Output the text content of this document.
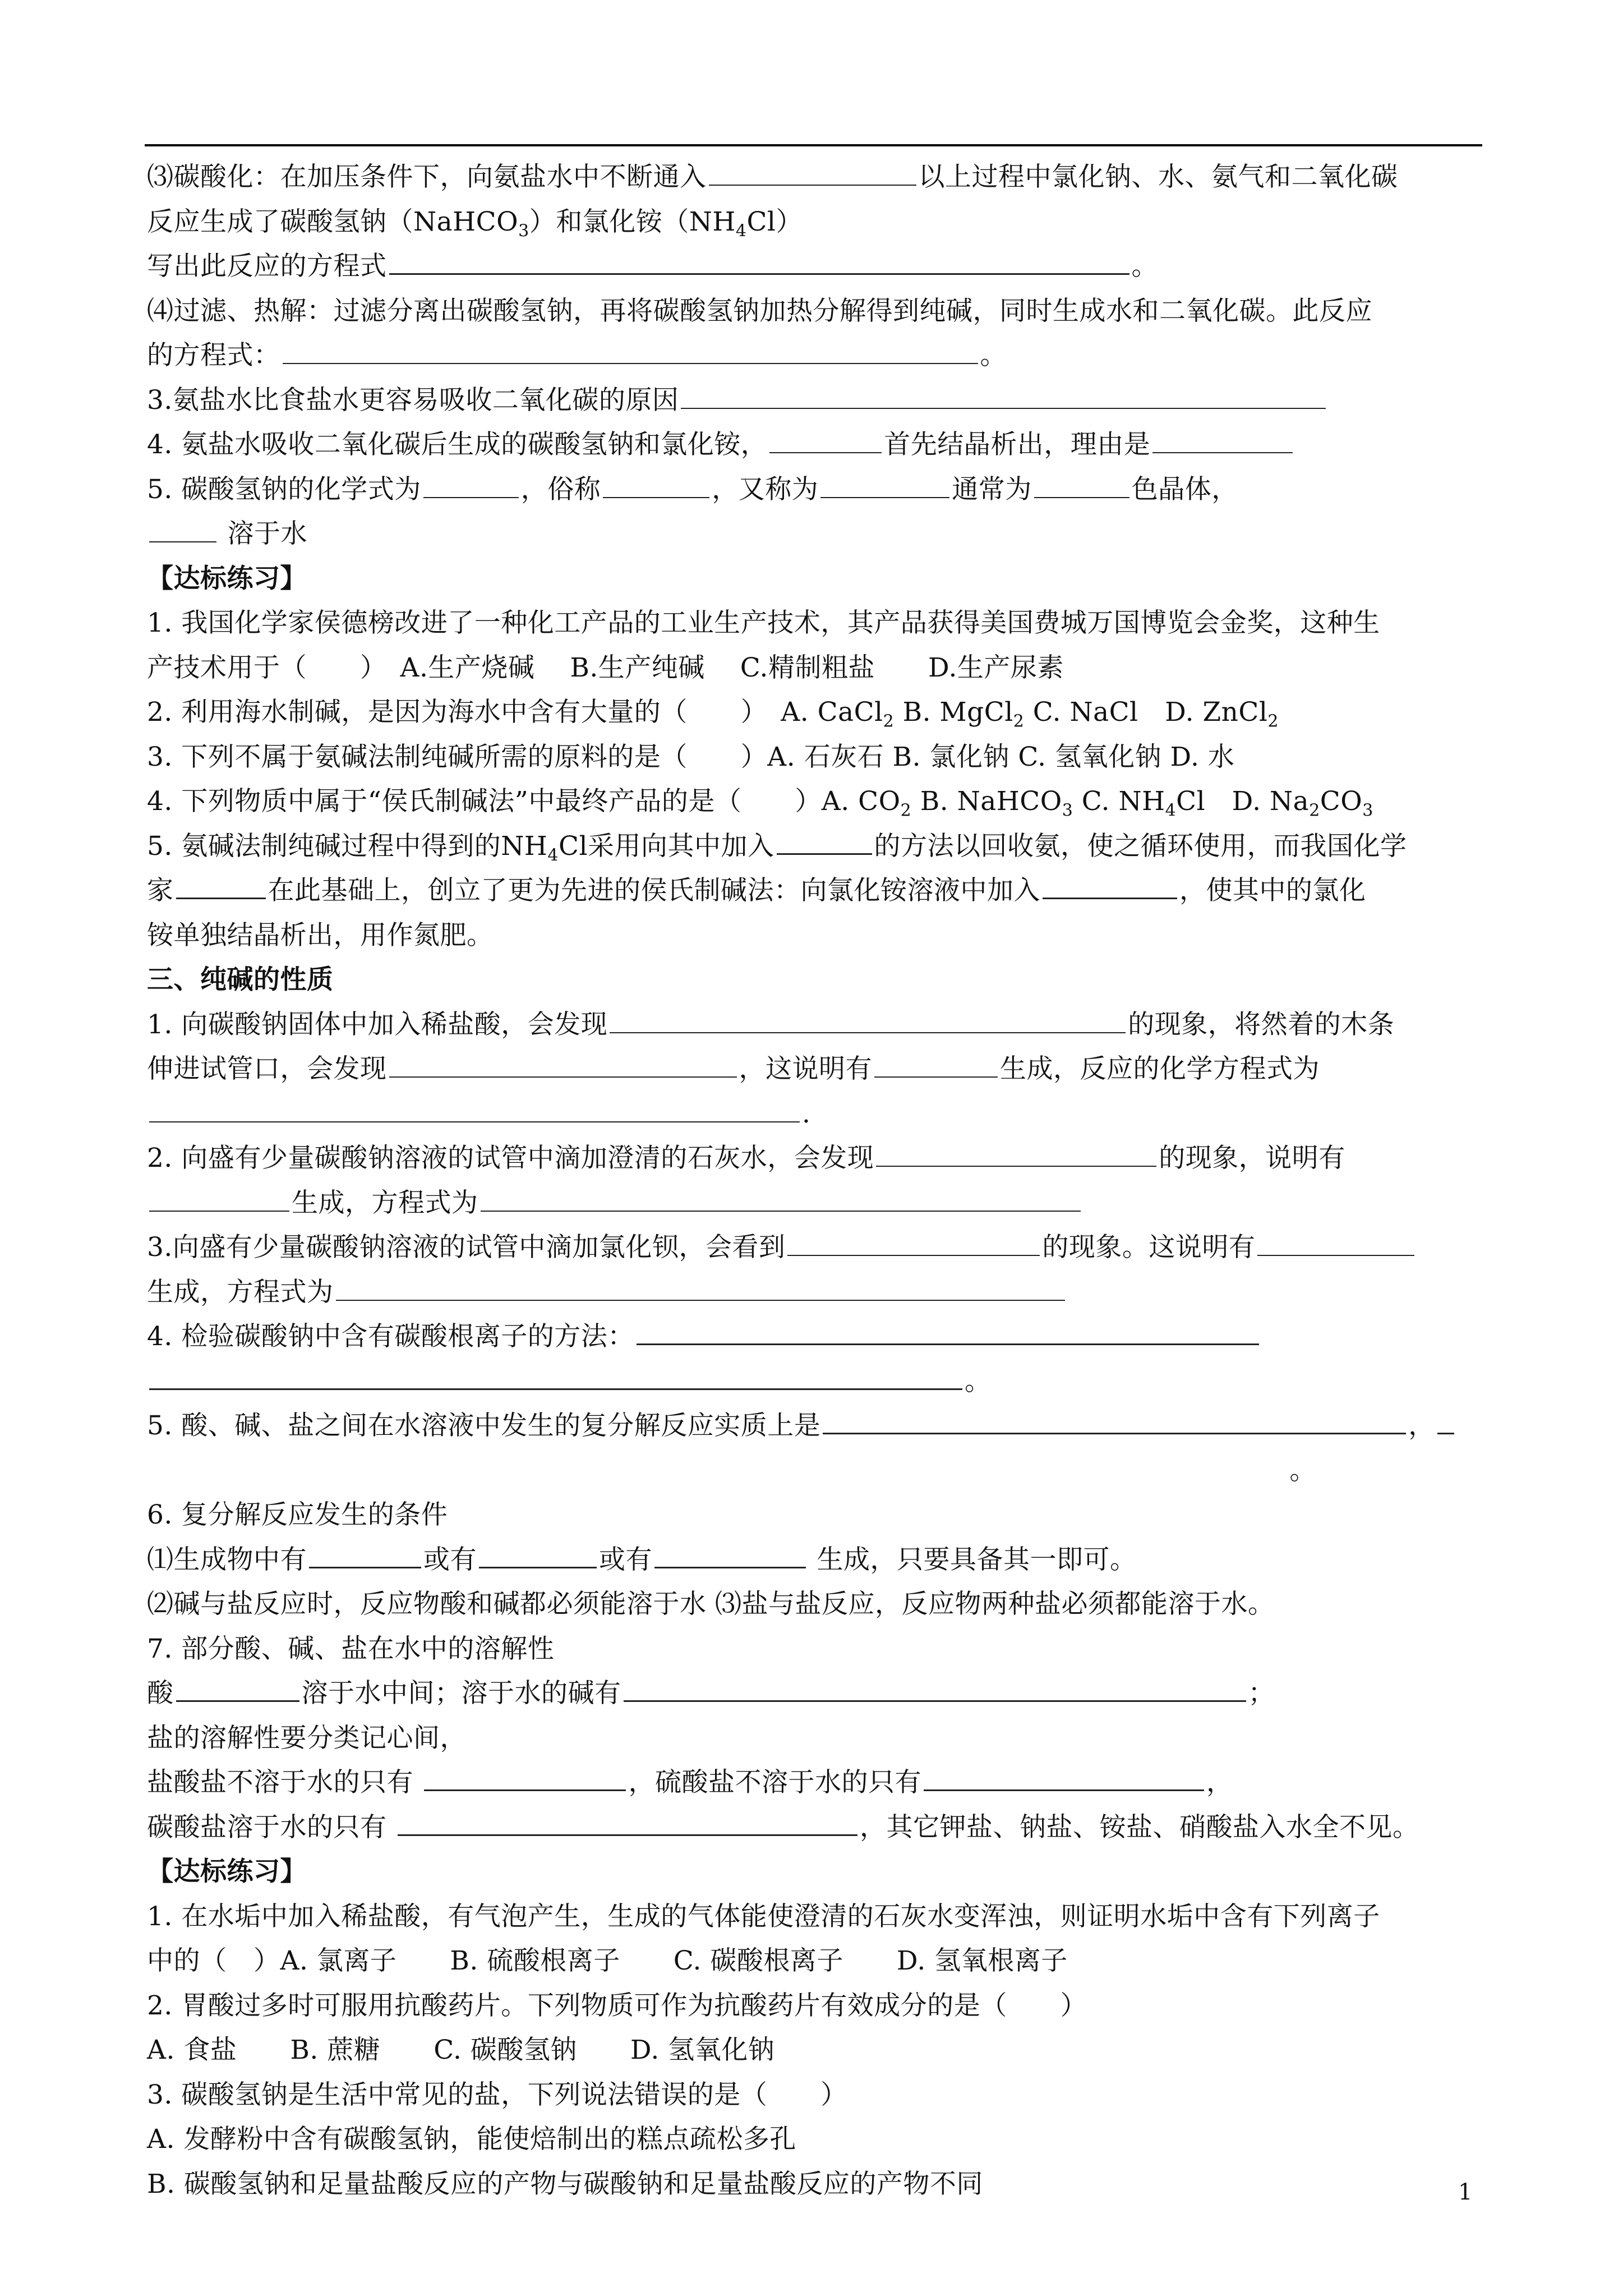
⑶碳酸化：在加压条件下，向氨盐水中不断通入	以上过程中氯化钠、水、氨气和二氧化碳
反应生成了碳酸氢钠（NaHCO$_3$）和氯化铵$(NH_4Cl)$
写出此反应的方程式	。
⑷过滤、热解：过滤分离出碳酸氢钠，再将碳酸氢钠加热分解得到纯碱，同时生成水和二氧化碳。此反应
的方程式：	。
3.氨盐水比食盐水更容易吸收二氧化碳的原因
4. 氨盐水吸收二氧化碳后生成的碳酸氢钠和氯化铵，	首先结晶析出，理由是
5. 碳酸氢钠的化学式为	，俗称	，又称为	通常为	色晶体，
溶于水
【达标练习】
1. 我国化学家侯德榜改进了一种化工产品的工业生产技术，其产品获得美国费城万国博览会金奖，这种生
产技术用于（　　）　A.生产烧碱　 B.生产纯碱　 C.精制粗盐　　D.生产尿素
2. 利用海水制碱，是因为海水中含有大量的（　　）　A. CaCl$_2$ B. MgCl$_2$ C. NaCl　D. ZnCl$_2$
3. 下列不属于氨碱法制纯碱所需的原料的是（　　）A. 石灰石 B. 氯化钠 C. 氢氧化钠 D. 水
4. 下列物质中属于“侯氏制碱法”中最终产品的是（　　）A. $CO_2$ B. NaHCO$_3$ C. $NH_4Cl$　D. $Na_2CO_3$
5. 氨碱法制纯碱过程中得到的$NH_4Cl$采用向其中加入	的方法以回收氨，使之循环使用，而我国化学
家	在此基础上，创立了更为先进的侯氏制碱法：向氯化铵溶液中加入	，使其中的氯化
铵单独结晶析出，用作氮肥。
三、纯碱的性质
1. 向碳酸钠固体中加入稀盐酸，会发现	的现象，将然着的木条
伸进试管口，会发现	，这说明有	生成，反应的化学方程式为
.
2. 向盛有少量碳酸钠溶液的试管中滴加澄清的石灰水，会发现	的现象，说明有
生成，方程式为
3.向盛有少量碳酸钠溶液的试管中滴加氯化钡，会看到	的现象。这说明有
生成，方程式为
4. 检验碳酸钠中含有碳酸根离子的方法：
。
5. 酸、碱、盐之间在水溶液中发生的复分解反应实质上是	，
。
6. 复分解反应发生的条件
⑴生成物中有	或有	或有	生成，只要具备其一即可。
⑵碱与盐反应时，反应物酸和碱都必须能溶于水 ⑶盐与盐反应，反应物两种盐必须都能溶于水。
7. 部分酸、碱、盐在水中的溶解性
酸	溶于水中间；溶于水的碱有	；
盐的溶解性要分类记心间，
盐酸盐不溶于水的只有	，硫酸盐不溶于水的只有	，
碳酸盐溶于水的只有	，其它钾盐、钠盐、铵盐、硝酸盐入水全不见。
【达标练习】
1. 在水垢中加入稀盐酸，有气泡产生，生成的气体能使澄清的石灰水变浑浊，则证明水垢中含有下列离子
中的（　）A. 氯离子　　B. 硫酸根离子　　C. 碳酸根离子　　D. 氢氧根离子
2. 胃酸过多时可服用抗酸药片。下列物质可作为抗酸药片有效成分的是（　　）
A. 食盐　　B. 蔗糖　　C. 碳酸氢钠　　D. 氢氧化钠
3. 碳酸氢钠是生活中常见的盐，下列说法错误的是（　　）
A. 发酵粉中含有碳酸氢钠，能使焙制出的糕点疏松多孔
B. 碳酸氢钠和足量盐酸反应的产物与碳酸钠和足量盐酸反应的产物不同	1
